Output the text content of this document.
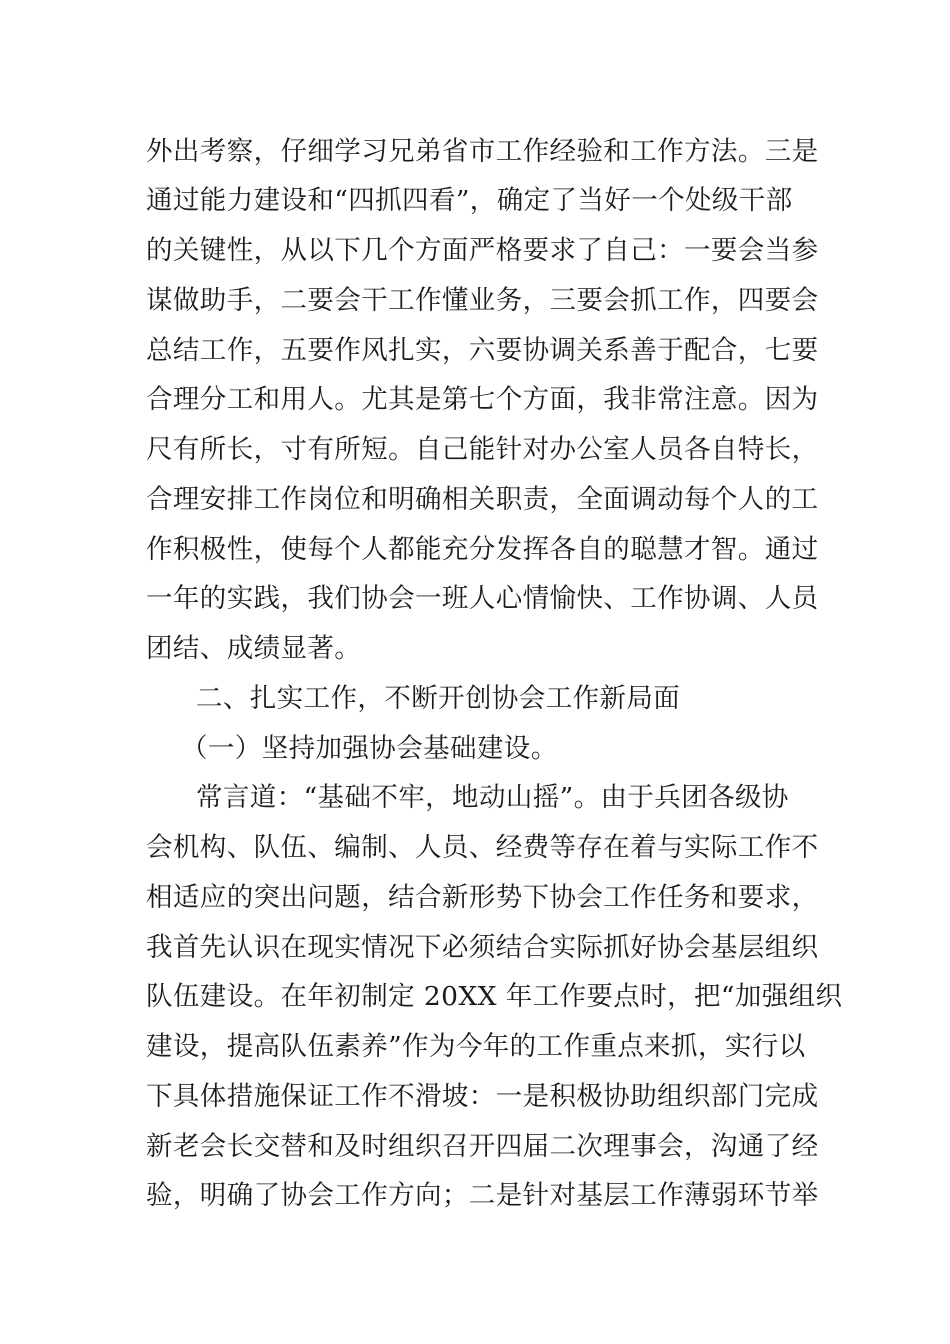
外出考察，仔细学习兄弟省市工作经验和工作方法。三是
通过能力建设和“四抓四看”，确定了当好一个处级干部
的关键性，从以下几个方面严格要求了自己：一要会当参
谋做助手，二要会干工作懂业务，三要会抓工作，四要会
总结工作，五要作风扎实，六要协调关系善于配合，七要
合理分工和用人。尤其是第七个方面，我非常注意。因为
尺有所长，寸有所短。自己能针对办公室人员各自特长，
合理安排工作岗位和明确相关职责，全面调动每个人的工
作积极性，使每个人都能充分发挥各自的聪慧才智。通过
一年的实践，我们协会一班人心情愉快、工作协调、人员
团结、成绩显著。
二、扎实工作，不断开创协会工作新局面
（一）坚持加强协会基础建设。
常言道：“基础不牢，地动山摇”。由于兵团各级协
会机构、队伍、编制、人员、经费等存在着与实际工作不
相适应的突出问题，结合新形势下协会工作任务和要求，
我首先认识在现实情况下必须结合实际抓好协会基层组织
队伍建设。在年初制定 20XX 年工作要点时，把“加强组织
建设，提高队伍素养”作为今年的工作重点来抓，实行以
下具体措施保证工作不滑坡：一是积极协助组织部门完成
新老会长交替和及时组织召开四届二次理事会，沟通了经
验，明确了协会工作方向；二是针对基层工作薄弱环节举
